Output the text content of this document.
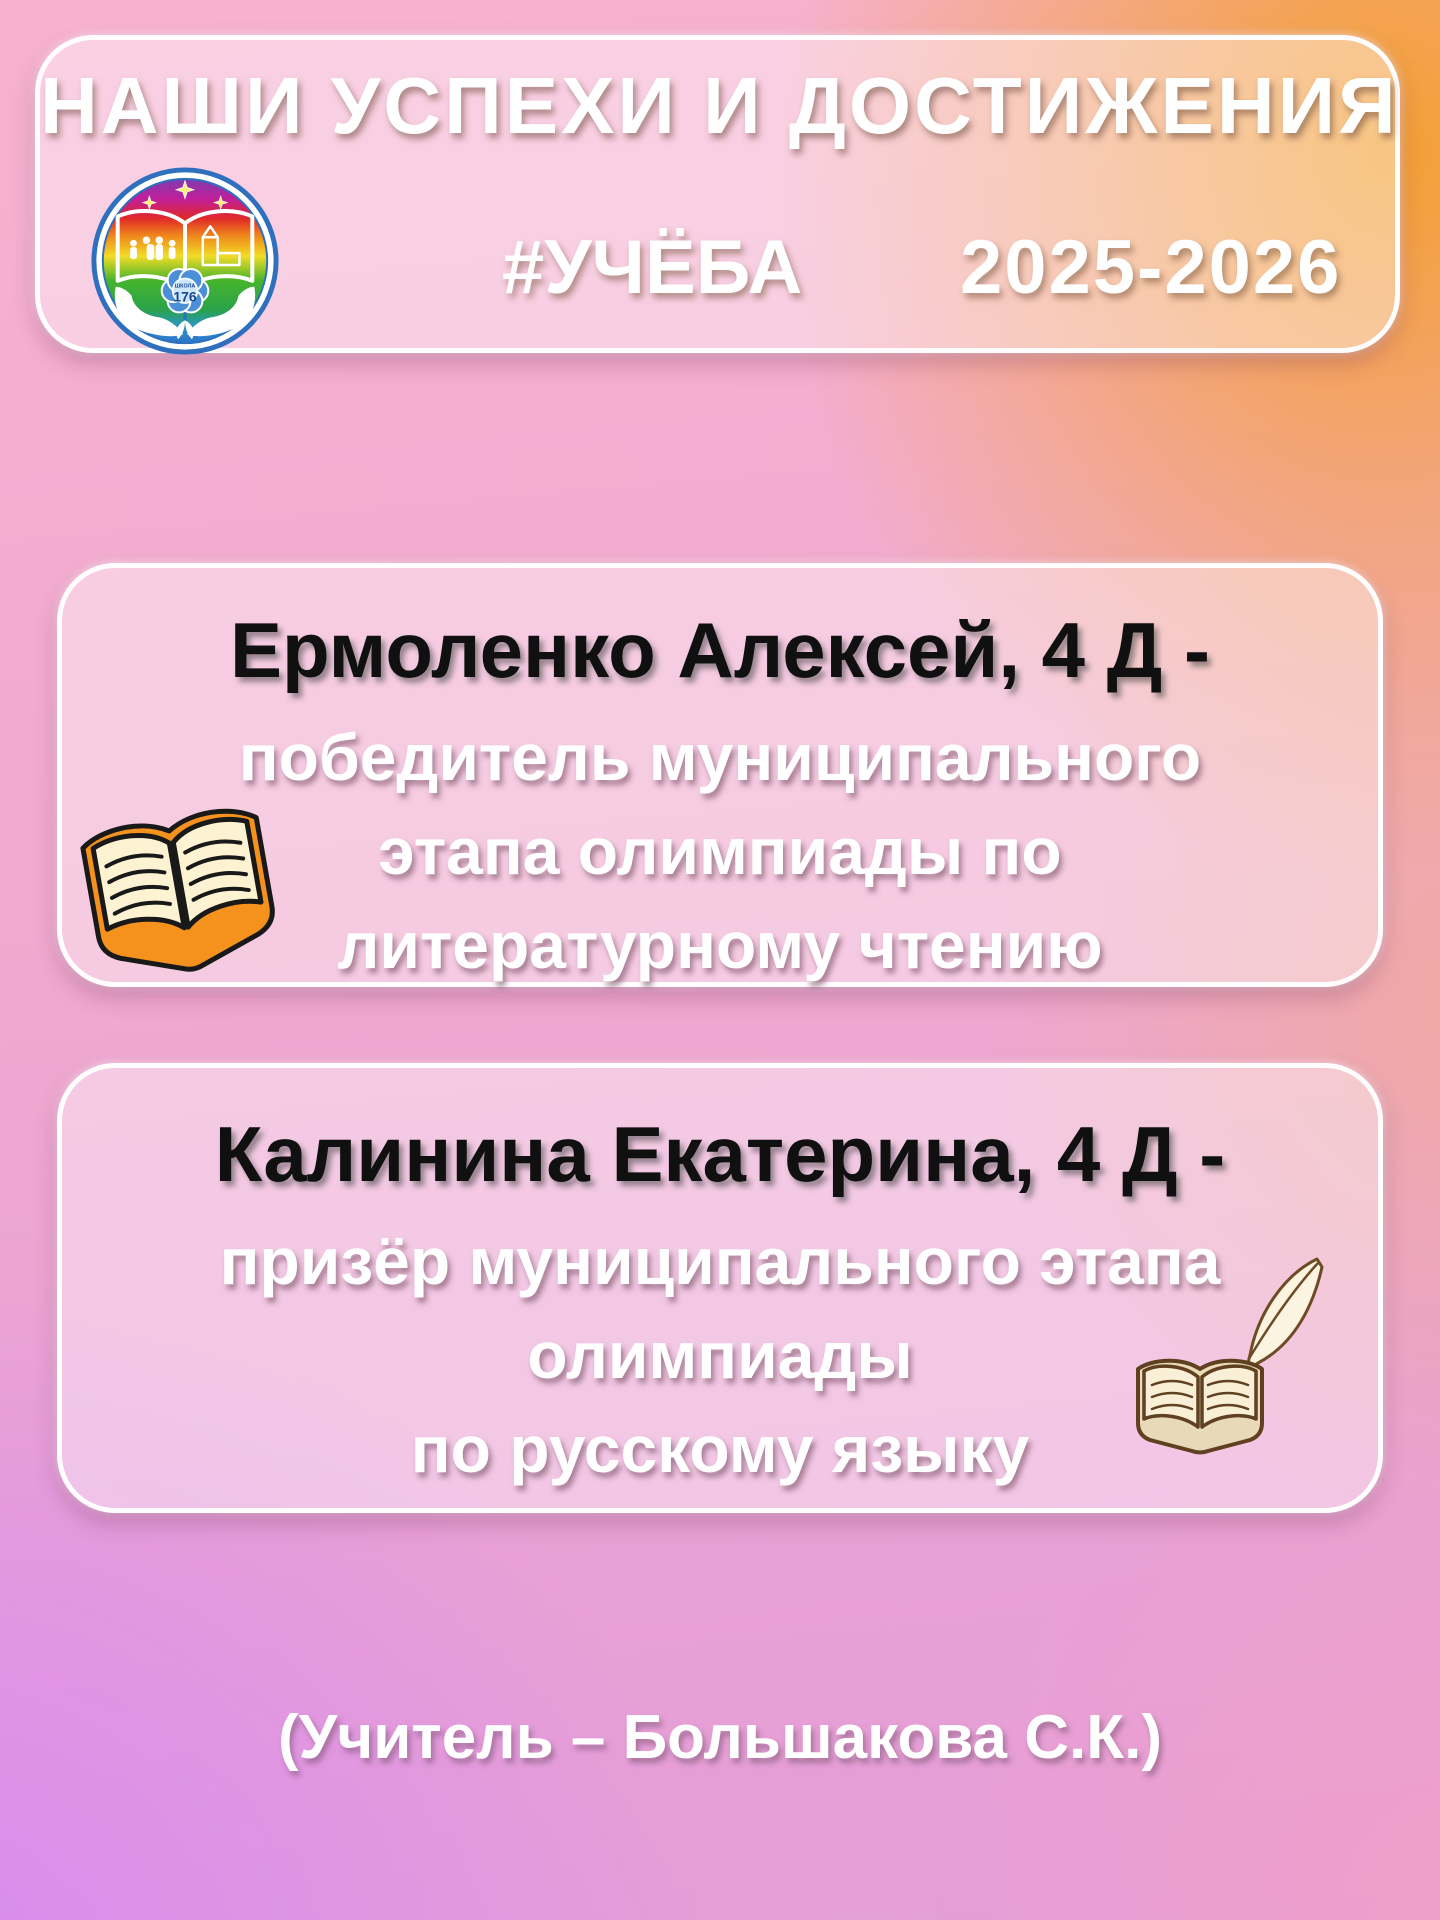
НАШИ УСПЕХИ И ДОСТИЖЕНИЯ
ШКОЛА
176	#УЧЁБА 2025-2026
Ермоленко Алексей, 4 Д -
победитель муниципального
этапа олимпиады по
литературному чтению
Калинина Екатерина, 4 Д -
призёр муниципального этапа
олимпиады
по русскому языку
(Учитель – Большакова С.К.)
